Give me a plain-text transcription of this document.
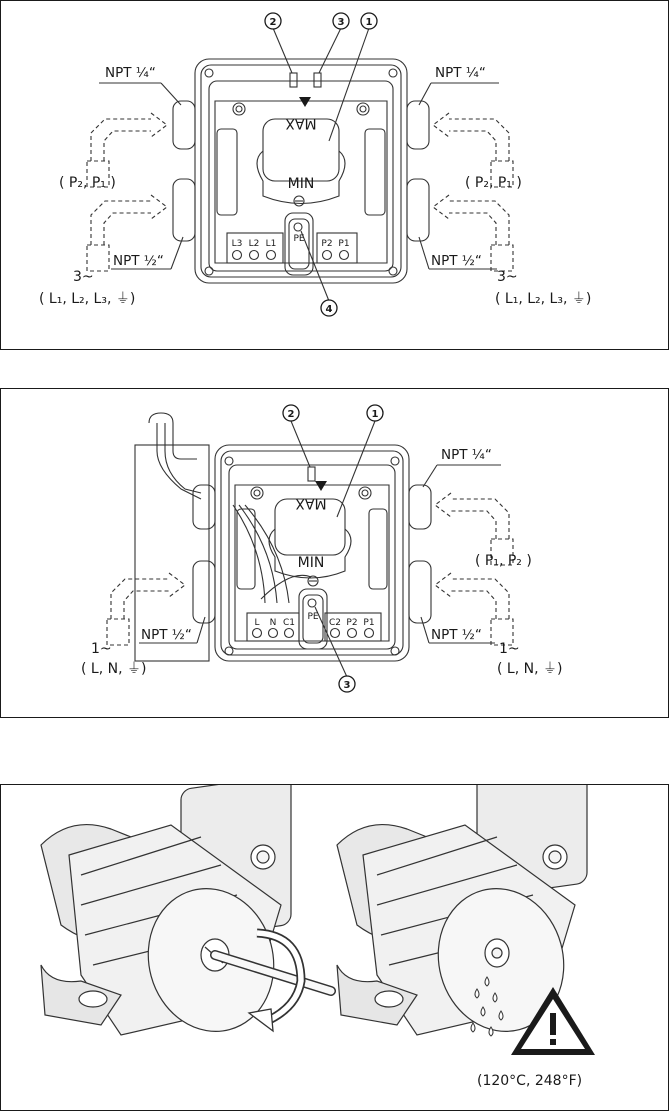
2	3 1
4
MAX
MIN
L3 L2 L1 PE P2 P1
NPT ¼“	NPT ¼“
NPT ½“	NPT ½“
( P₂, P₁ )	( P₂, P₁ )
3~	3~
( L₁, L₂, L₃, ⏚)	( L₁, L₂, L₃, ⏚)
2	1
3
MAX
MIN
L N C1
PE
C2 P2 P1
NPT ¼“
NPT ½“	NPT ½“
( P₁, P₂ )
1~	1~
( L, N, ⏚)	( L, N, ⏚)
(120°C, 248°F)
